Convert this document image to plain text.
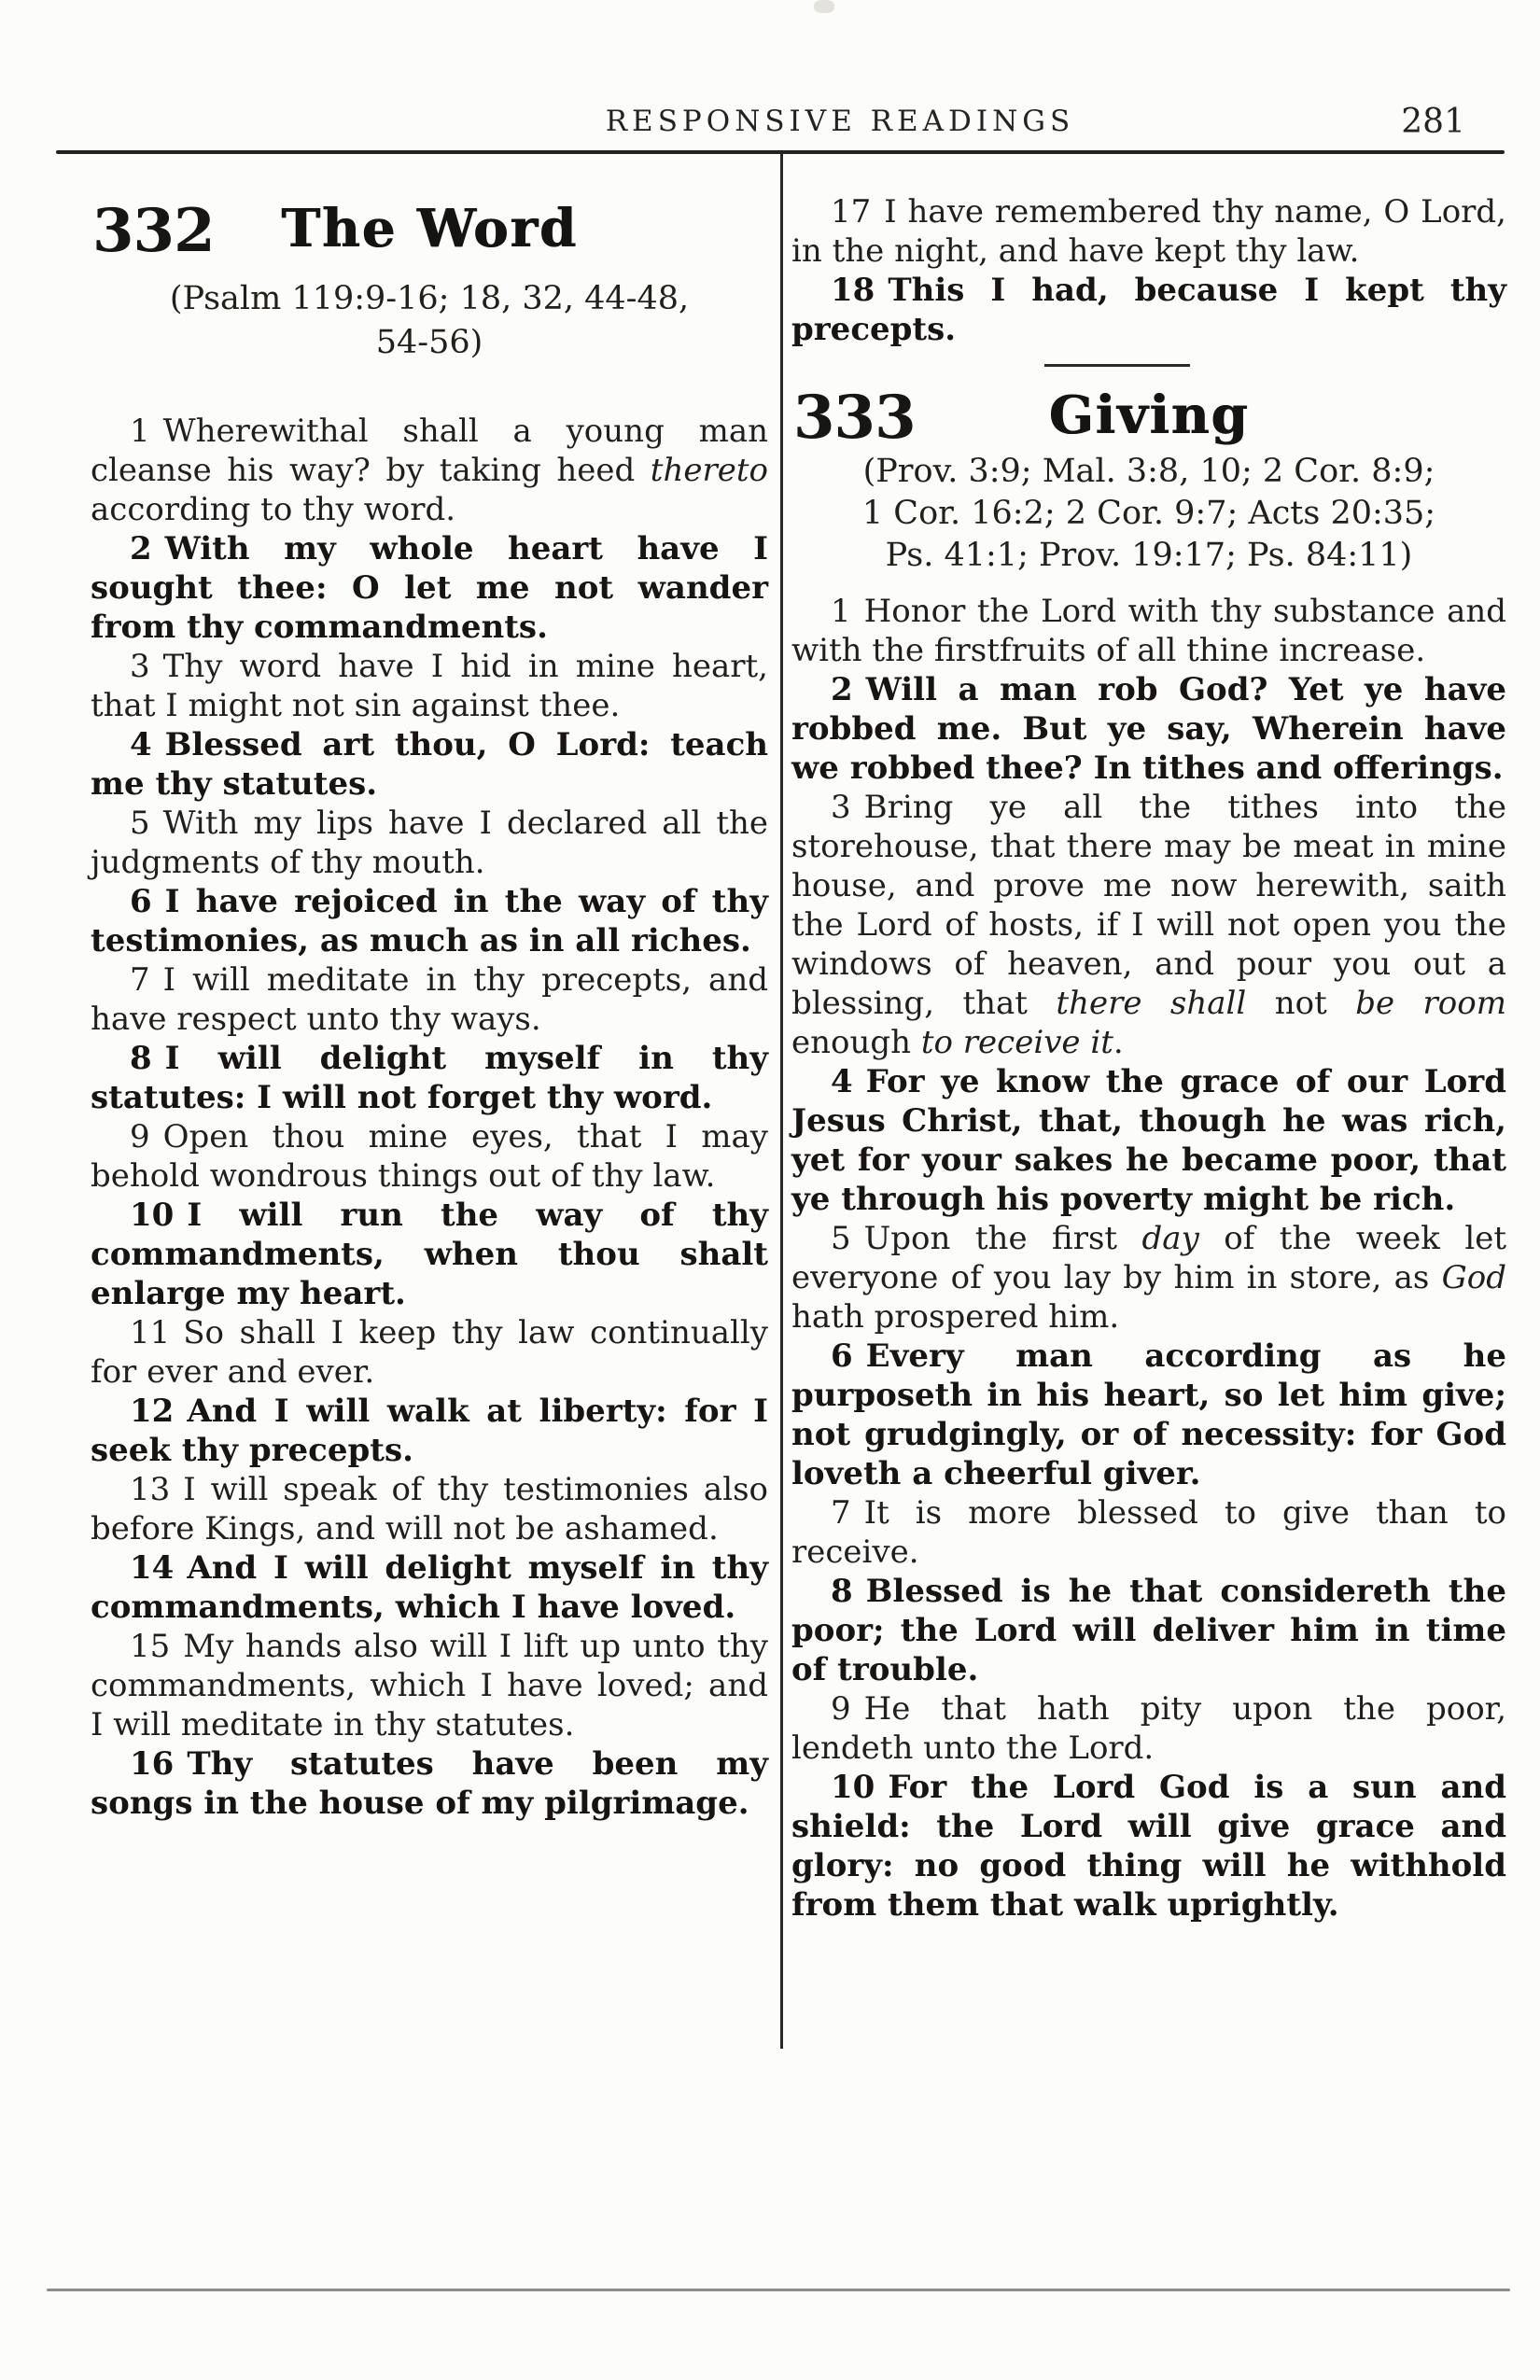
RESPONSIVE READINGS	281
332	The Word
(Psalm 119:9-16; 18, 32, 44-48,
54-56)

1 Wherewithal shall a young man cleanse his way? by taking heed thereto according to thy word.

2 With my whole heart have I sought thee: O let me not wander from thy commandments.

3 Thy word have I hid in mine heart, that I might not sin against thee.

4 Blessed art thou, O Lord: teach me thy statutes.

5 With my lips have I declared all the judgments of thy mouth.

6 I have rejoiced in the way of thy testimonies, as much as in all riches.

7 I will meditate in thy precepts, and have respect unto thy ways.

8 I will delight myself in thy statutes: I will not forget thy word.

9 Open thou mine eyes, that I may behold wondrous things out of thy law.

10 I will run the way of thy commandments, when thou shalt enlarge my heart.

11 So shall I keep thy law continually for ever and ever.

12 And I will walk at liberty: for I seek thy precepts.

13 I will speak of thy testimonies also before Kings, and will not be ashamed.

14 And I will delight myself in thy commandments, which I have loved.

15 My hands also will I lift up unto thy commandments, which I have loved; and I will meditate in thy statutes.

16 Thy statutes have been my songs in the house of my pilgrimage.

17 I have remembered thy name, O Lord, in the night, and have kept thy law.

18 This I had, because I kept thy precepts.

333	Giving
(Prov. 3:9; Mal. 3:8, 10; 2 Cor. 8:9;
1 Cor. 16:2; 2 Cor. 9:7; Acts 20:35;
Ps. 41:1; Prov. 19:17; Ps. 84:11)

1 Honor the Lord with thy substance and with the firstfruits of all thine increase.

2 Will a man rob God? Yet ye have robbed me. But ye say, Wherein have we robbed thee? In tithes and offerings.

3 Bring ye all the tithes into the storehouse, that there may be meat in mine house, and prove me now herewith, saith the Lord of hosts, if I will not open you the windows of heaven, and pour you out a blessing, that there shall not be room enough to receive it.

4 For ye know the grace of our Lord Jesus Christ, that, though he was rich, yet for your sakes he became poor, that ye through his poverty might be rich.

5 Upon the first day of the week let everyone of you lay by him in store, as God hath prospered him.

6 Every man according as he purposeth in his heart, so let him give; not grudgingly, or of necessity: for God loveth a cheerful giver.

7 It is more blessed to give than to receive.

8 Blessed is he that considereth the poor; the Lord will deliver him in time of trouble.

9 He that hath pity upon the poor, lendeth unto the Lord.

10 For the Lord God is a sun and shield: the Lord will give grace and glory: no good thing will he withhold from them that walk uprightly.
